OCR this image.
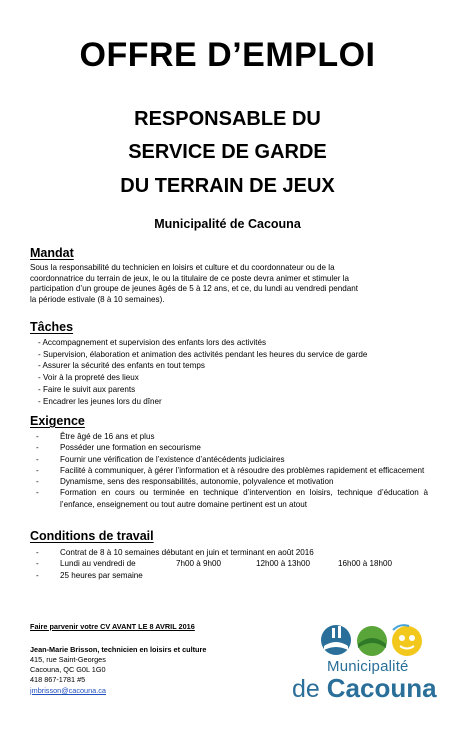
OFFRE D’EMPLOI
RESPONSABLE DU
SERVICE DE GARDE
DU TERRAIN DE JEUX
Municipalité de Cacouna
Mandat
Sous la responsabilité du technicien en loisirs et culture et du coordonnateur ou de la
coordonnatrice du terrain de jeux, le ou la titulaire de ce poste devra animer et stimuler la
participation d’un groupe de jeunes âgés de 5 à 12 ans, et ce, du lundi au vendredi pendant
la période estivale (8 à 10 semaines).
Tâches
- Accompagnement et supervision des enfants lors des activités
- Supervision, élaboration et animation des activités pendant les heures du service de garde
- Assurer la sécurité des enfants en tout temps
- Voir à la propreté des lieux
- Faire le suivit aux parents
- Encadrer les jeunes lors du dîner
Exigence
- Être âgé de 16 ans et plus
- Posséder une formation en secourisme
- Fournir une vérification de l’existence d’antécédents judiciaires
- Facilité à communiquer, à gérer l’information et à résoudre des problèmes rapidement et efficacement
- Dynamisme, sens des responsabilités, autonomie, polyvalence et motivation
- Formation en cours ou terminée en technique d’intervention en loisirs, technique d’éducation à l’enfance, enseignement ou tout autre domaine pertinent est un atout
Conditions de travail
- Contrat de 8 à 10 semaines débutant en juin et terminant en août 2016
- Lundi au vendredi de	7h00 à 9h00	12h00 à 13h00	16h00 à 18h00
- 25 heures par semaine
Faire parvenir votre CV AVANT LE 8 AVRIL 2016
Jean-Marie Brisson, technicien en loisirs et culture
415, rue Saint-Georges
Cacouna, QC G0L 1G0
418 867-1781 #5
jmbrisson@cacouna.ca
Municipalité
de Cacouna
